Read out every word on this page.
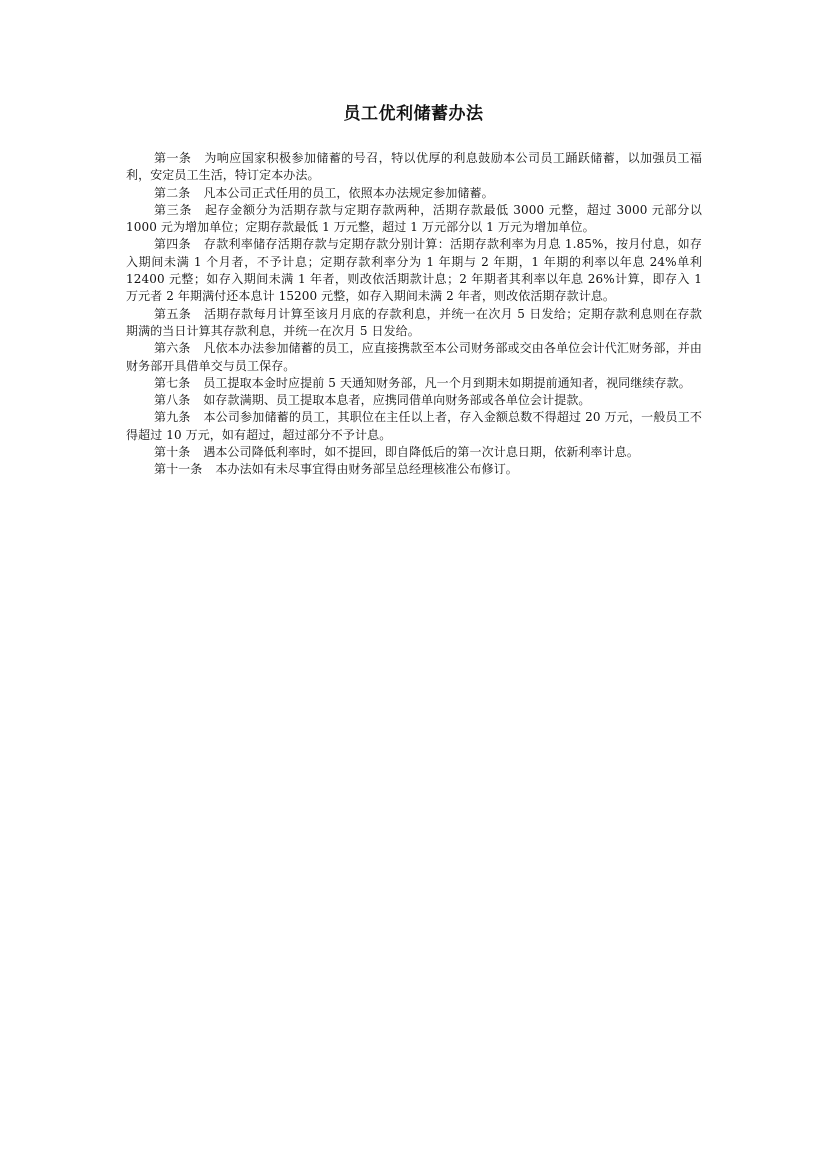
员工优利储蓄办法

第一条 为响应国家积极参加储蓄的号召，特以优厚的利息鼓励本公司员工踊跃储蓄，以加强员工福利，安定员工生活，特订定本办法。

第二条 凡本公司正式任用的员工，依照本办法规定参加储蓄。

第三条 起存金额分为活期存款与定期存款两种，活期存款最低 3000 元整，超过 3000 元部分以 1000 元为增加单位；定期存款最低 1 万元整，超过 1 万元部分以 1 万元为增加单位。

第四条 存款利率储存活期存款与定期存款分别计算：活期存款利率为月息 1.85%，按月付息，如存入期间未满 1 个月者，不予计息；定期存款利率分为 1 年期与 2 年期，1 年期的利率以年息 24%单利 12400 元整；如存入期间未满 1 年者，则改依活期款计息；2 年期者其利率以年息 26%计算，即存入 1 万元者 2 年期满付还本息计 15200 元整，如存入期间未满 2 年者，则改依活期存款计息。

第五条 活期存款每月计算至该月月底的存款利息，并统一在次月 5 日发给；定期存款利息则在存款期满的当日计算其存款利息，并统一在次月 5 日发给。

第六条 凡依本办法参加储蓄的员工，应直接携款至本公司财务部或交由各单位会计代汇财务部，并由财务部开具借单交与员工保存。

第七条 员工提取本金时应提前 5 天通知财务部，凡一个月到期未如期提前通知者，视同继续存款。

第八条 如存款满期、员工提取本息者，应携同借单向财务部或各单位会计提款。

第九条 本公司参加储蓄的员工，其职位在主任以上者，存入金额总数不得超过 20 万元，一般员工不得超过 10 万元，如有超过，超过部分不予计息。

第十条 遇本公司降低利率时，如不提回，即自降低后的第一次计息日期，依新利率计息。

第十一条 本办法如有未尽事宜得由财务部呈总经理核准公布修订。
